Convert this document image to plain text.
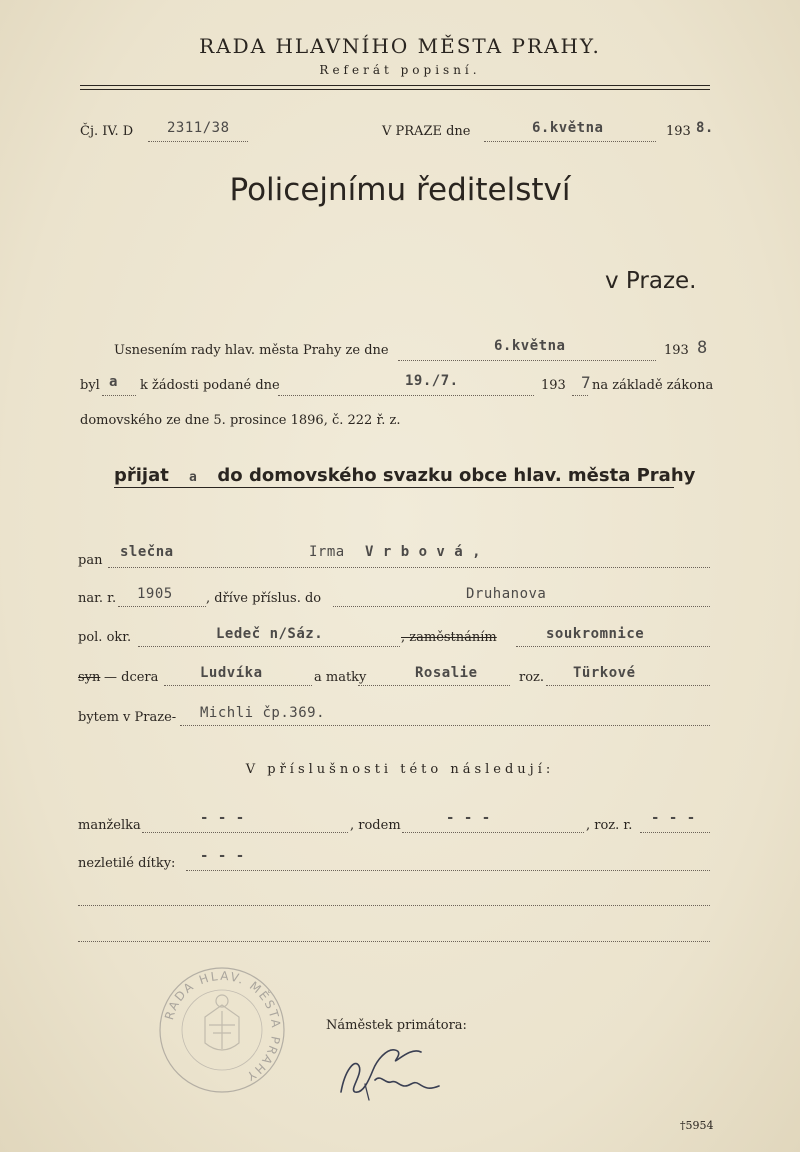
RADA HLAVNÍHO MĚSTA PRAHY.
Referát popisní.
Čj. IV. D 2311/38	V PRAZE dne	6.května	193 8.
Policejnímu ředitelství
v Praze.
Usnesením rady hlav. města Prahy ze dne	6.května	193 8
byl a k žádosti podané dne	19./7.	193 7 na základě zákona
domovského ze dne 5. prosince 1896, č. 222 ř. z.
přijat a do domovského svazku obce hlav. města Prahy
pan
slečna	Irma V r b o v á ,
nar. r. 1905	, dříve příslus. do	Druhanova
pol. okr.	Ledeč n/Sáz.	, zaměstnáním	soukromnice
syn — dcera	Ludvíka	a matky	Rosalie	roz. Türkové
bytem v Praze- Michli čp.369.
V příslušnosti této následují:
manželka	- - -	, rodem	- - -	, roz. r. - - -
nezletilé dítky: - - -
RADA HLAV. MĚSTA PRAHY
Náměstek primátora:
†5954
